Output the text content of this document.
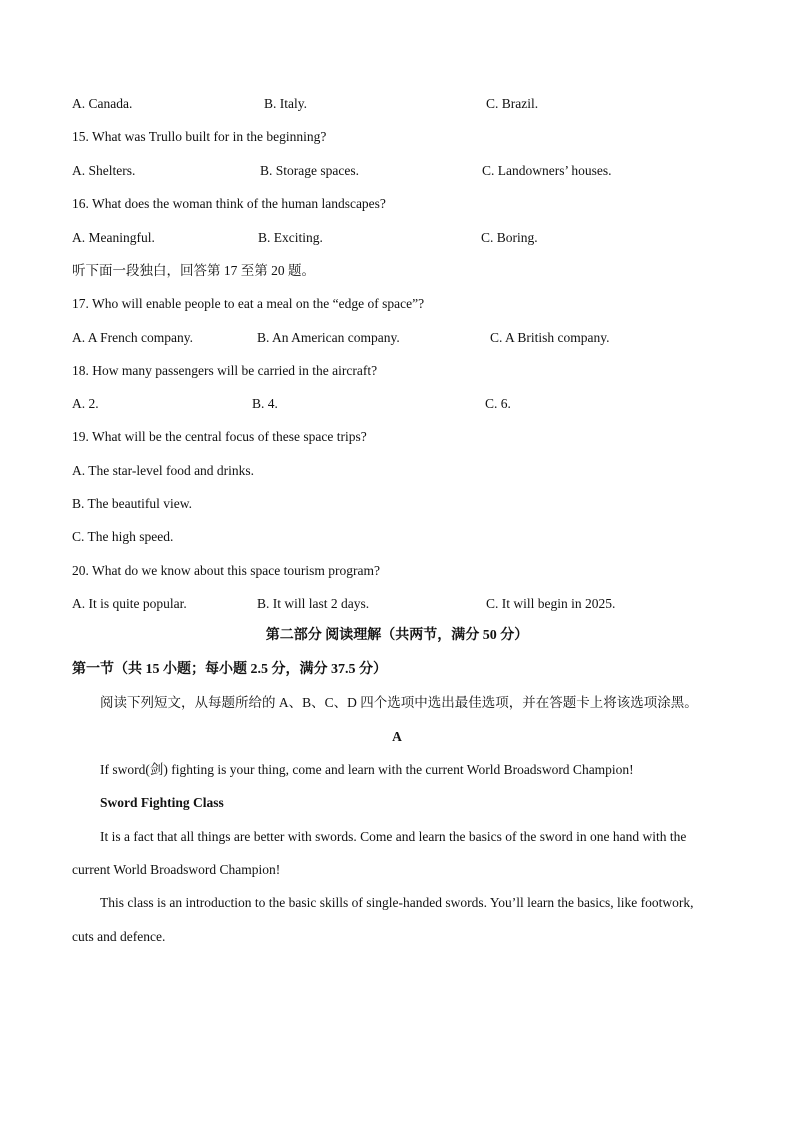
A. Canada.	B. Italy.	C. Brazil.
15. What was Trullo built for in the beginning?
A. Shelters.	B. Storage spaces.	C. Landowners’ houses.
16. What does the woman think of the human landscapes?
A. Meaningful.	B. Exciting.	C. Boring.
听下面一段独白，回答第 17 至第 20 题。
17. Who will enable people to eat a meal on the “edge of space”?
A. A French company.	B. An American company.	C. A British company.
18. How many passengers will be carried in the aircraft?
A. 2.	B. 4.	C. 6.
19. What will be the central focus of these space trips?
A. The star-level food and drinks.
B. The beautiful view.
C. The high speed.
20. What do we know about this space tourism program?
A. It is quite popular.	B. It will last 2 days.	C. It will begin in 2025.
第二部分 阅读理解（共两节，满分 50 分）
第一节（共 15 小题；每小题 2.5 分，满分 37.5 分）
阅读下列短文，从每题所给的 A、B、C、D 四个选项中选出最佳选项，并在答题卡上将该选项涂黑。
A
If sword(剑) fighting is your thing, come and learn with the current World Broadsword Champion!
Sword Fighting Class
It is a fact that all things are better with swords. Come and learn the basics of the sword in one hand with the
current World Broadsword Champion!
This class is an introduction to the basic skills of single-handed swords. You’ll learn the basics, like footwork,
cuts and defence.
